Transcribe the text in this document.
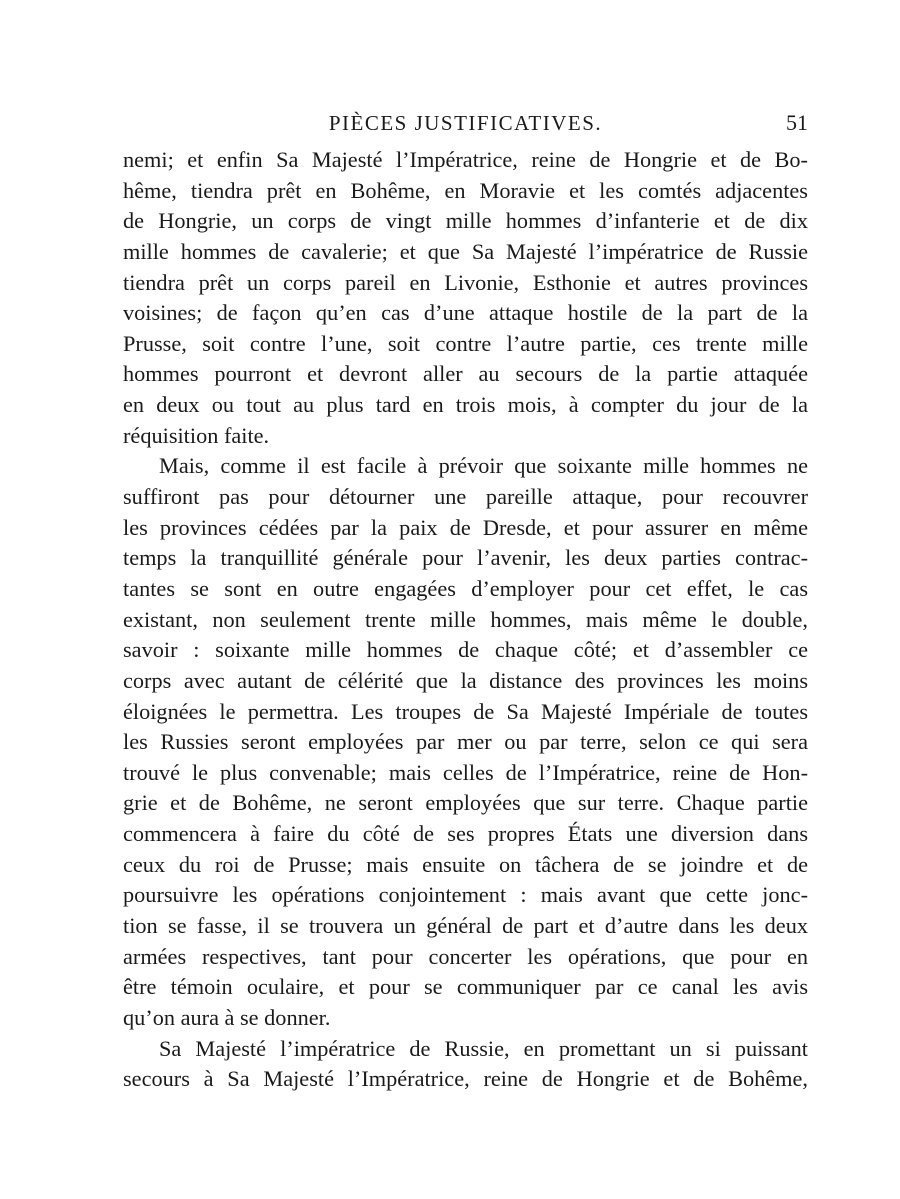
PIÈCES JUSTIFICATIVES.	51
nemi; et enfin Sa Majesté l’Impératrice, reine de Hongrie et de Bo-
hême, tiendra prêt en Bohême, en Moravie et les comtés adjacentes
de Hongrie, un corps de vingt mille hommes d’infanterie et de dix
mille hommes de cavalerie; et que Sa Majesté l’impératrice de Russie
tiendra prêt un corps pareil en Livonie, Esthonie et autres provinces
voisines; de façon qu’en cas d’une attaque hostile de la part de la
Prusse, soit contre l’une, soit contre l’autre partie, ces trente mille
hommes pourront et devront aller au secours de la partie attaquée
en deux ou tout au plus tard en trois mois, à compter du jour de la
réquisition faite.
Mais, comme il est facile à prévoir que soixante mille hommes ne
suffiront pas pour détourner une pareille attaque, pour recouvrer
les provinces cédées par la paix de Dresde, et pour assurer en même
temps la tranquillité générale pour l’avenir, les deux parties contrac-
tantes se sont en outre engagées d’employer pour cet effet, le cas
existant, non seulement trente mille hommes, mais même le double,
savoir : soixante mille hommes de chaque côté; et d’assembler ce
corps avec autant de célérité que la distance des provinces les moins
éloignées le permettra. Les troupes de Sa Majesté Impériale de toutes
les Russies seront employées par mer ou par terre, selon ce qui sera
trouvé le plus convenable; mais celles de l’Impératrice, reine de Hon-
grie et de Bohême, ne seront employées que sur terre. Chaque partie
commencera à faire du côté de ses propres États une diversion dans
ceux du roi de Prusse; mais ensuite on tâchera de se joindre et de
poursuivre les opérations conjointement : mais avant que cette jonc-
tion se fasse, il se trouvera un général de part et d’autre dans les deux
armées respectives, tant pour concerter les opérations, que pour en
être témoin oculaire, et pour se communiquer par ce canal les avis
qu’on aura à se donner.
Sa Majesté l’impératrice de Russie, en promettant un si puissant
secours à Sa Majesté l’Impératrice, reine de Hongrie et de Bohême,
